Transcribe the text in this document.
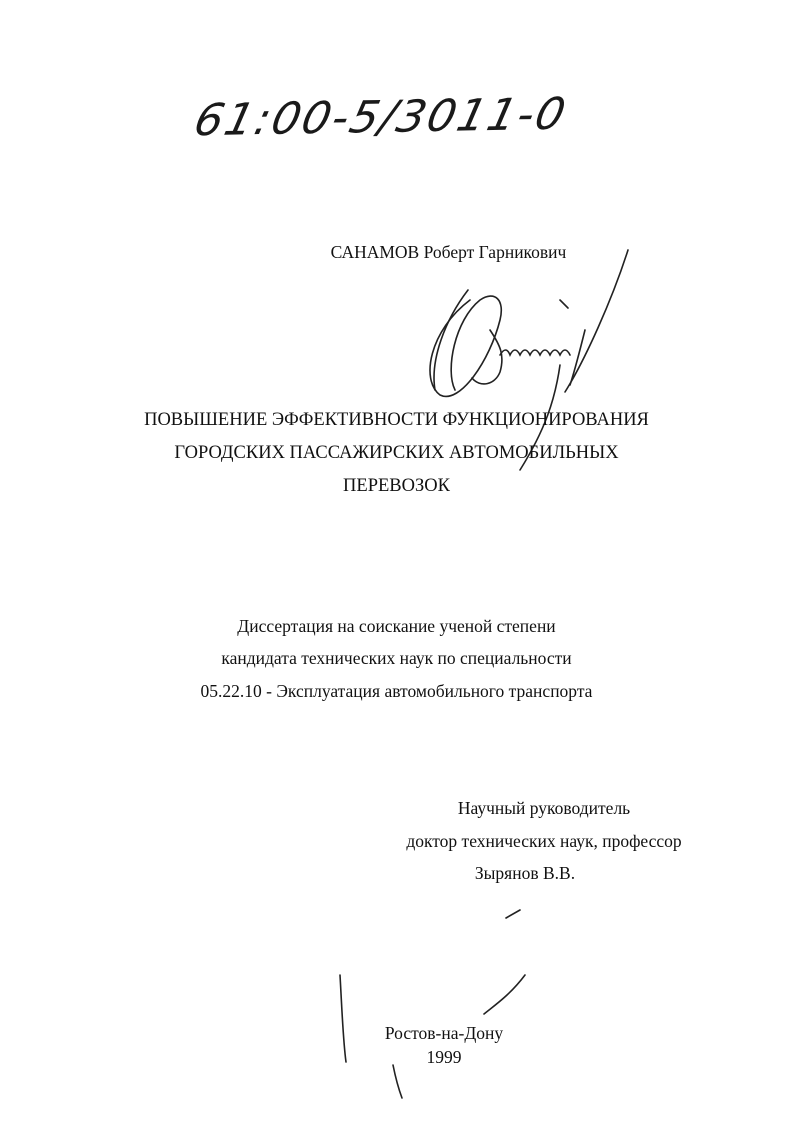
61:00-5/3011-0
САНАМОВ Роберт Гарникович
ПОВЫШЕНИЕ ЭФФЕКТИВНОСТИ ФУНКЦИОНИРОВАНИЯ
ГОРОДСКИХ ПАССАЖИРСКИХ АВТОМОБИЛЬНЫХ
ПЕРЕВОЗОК
Диссертация на соискание ученой степени
кандидата технических наук по специальности
05.22.10 - Эксплуатация автомобильного транспорта
Научный руководитель
доктор технических наук, профессор
Зырянов В.В.
Ростов-на-Дону
1999
